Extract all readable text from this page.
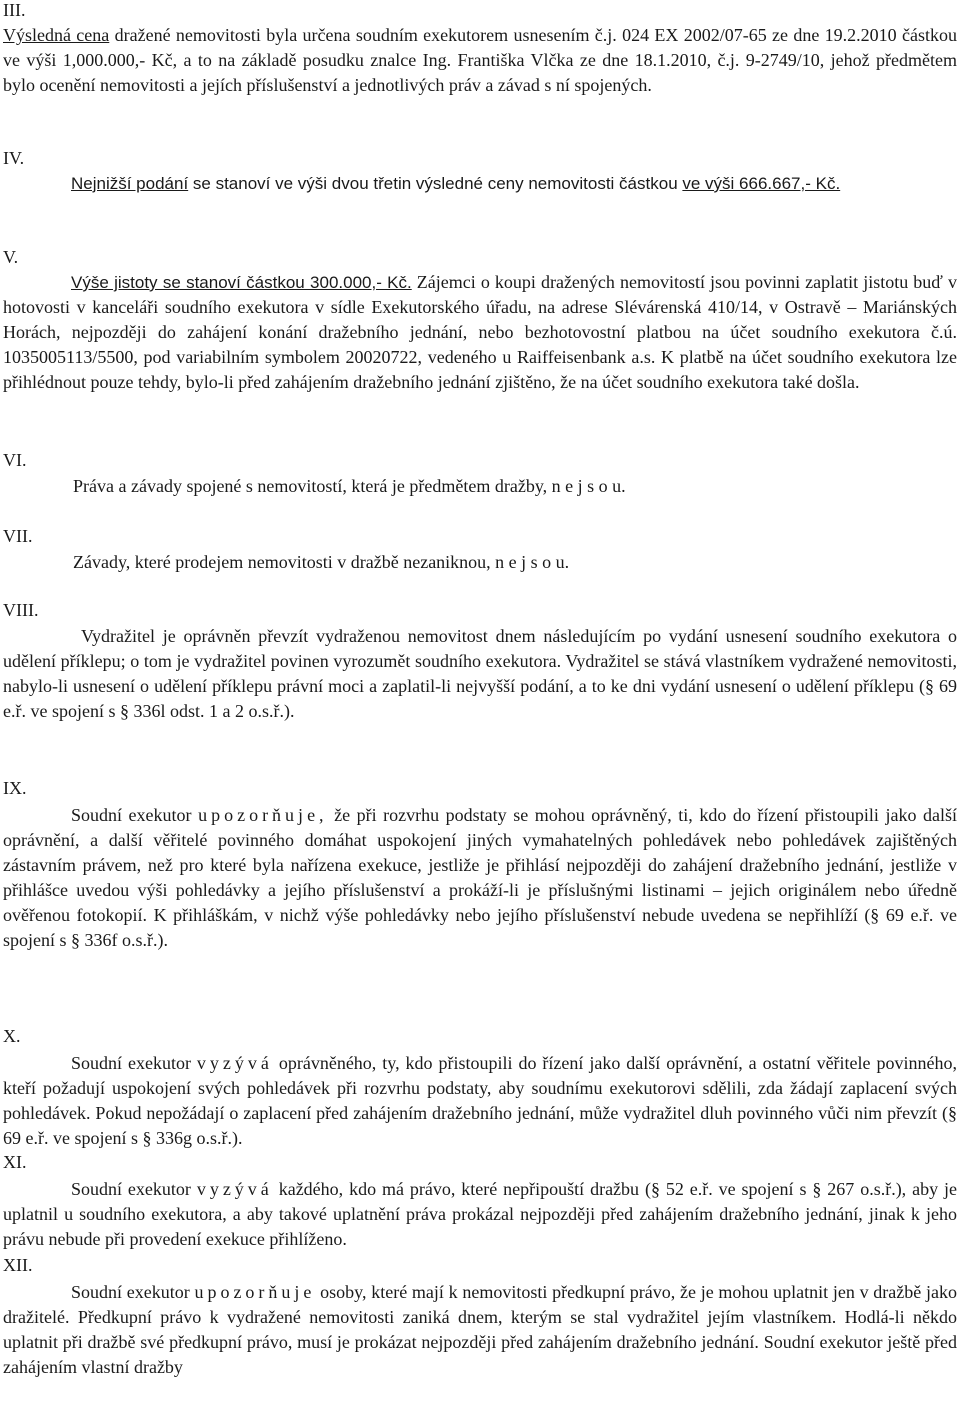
III.

Výsledná cena dražené nemovitosti byla určena soudním exekutorem usnesením č.j. 024 EX 2002/07-65 ze dne 19.2.2010 částkou ve výši 1,000.000,- Kč, a to na základě posudku znalce Ing. Františka Vlčka ze dne 18.1.2010, č.j. 9-2749/10, jehož předmětem bylo ocenění nemovitosti a jejích příslušenství a jednotlivých práv a závad s ní spojených.

IV.

Nejnižší podání se stanoví ve výši dvou třetin výsledné ceny nemovitosti částkou ve výši 666.667,- Kč.

V.

Výše jistoty se stanoví částkou 300.000,- Kč. Zájemci o koupi dražených nemovitostí jsou povinni zaplatit jistotu buď v hotovosti v kanceláři soudního exekutora v sídle Exekutorského úřadu, na adrese Slévárenská 410/14, v Ostravě – Mariánských Horách, nejpozději do zahájení konání dražebního jednání, nebo bezhotovostní platbou na účet soudního exekutora č.ú. 1035005113/5500, pod variabilním symbolem 20020722, vedeného u Raiffeisenbank a.s. K platbě na účet soudního exekutora lze přihlédnout pouze tehdy, bylo-li před zahájením dražebního jednání zjištěno, že na účet soudního exekutora také došla.

VI.
Práva a závady spojené s nemovitostí, která je předmětem dražby, n e j s o u.
VII.
Závady, které prodejem nemovitosti v dražbě nezaniknou, n e j s o u.
VIII.

Vydražitel je oprávněn převzít vydraženou nemovitost dnem následujícím po vydání usnesení soudního exekutora o udělení příklepu; o tom je vydražitel povinen vyrozumět soudního exekutora. Vydražitel se stává vlastníkem vydražené nemovitosti, nabylo-li usnesení o udělení příklepu právní moci a zaplatil-li nejvyšší podání, a to ke dni vydání usnesení o udělení příklepu (§ 69 e.ř. ve spojení s § 336l odst. 1 a 2 o.s.ř.).

IX.

Soudní exekutor upozorňuje, že při rozvrhu podstaty se mohou oprávněný, ti, kdo do řízení přistoupili jako další oprávnění, a další věřitelé povinného domáhat uspokojení jiných vymahatelných pohledávek nebo pohledávek zajištěných zástavním právem, než pro které byla nařízena exekuce, jestliže je přihlásí nejpozději do zahájení dražebního jednání, jestliže v přihlášce uvedou výši pohledávky a jejího příslušenství a prokáží-li je příslušnými listinami – jejich originálem nebo úředně ověřenou fotokopií. K přihláškám, v nichž výše pohledávky nebo jejího příslušenství nebude uvedena se nepřihlíží (§ 69 e.ř. ve spojení s § 336f o.s.ř.).

X.

Soudní exekutor vyzývá oprávněného, ty, kdo přistoupili do řízení jako další oprávnění, a ostatní věřitele povinného, kteří požadují uspokojení svých pohledávek při rozvrhu podstaty, aby soudnímu exekutorovi sdělili, zda žádají zaplacení svých pohledávek. Pokud nepožádají o zaplacení před zahájením dražebního jednání, může vydražitel dluh povinného vůči nim převzít (§ 69 e.ř. ve spojení s § 336g o.s.ř.).

XI.

Soudní exekutor vyzývá každého, kdo má právo, které nepřipouští dražbu (§ 52 e.ř. ve spojení s § 267 o.s.ř.), aby je uplatnil u soudního exekutora, a aby takové uplatnění práva prokázal nejpozději před zahájením dražebního jednání, jinak k jeho právu nebude při provedení exekuce přihlíženo.

XII.

Soudní exekutor upozorňuje osoby, které mají k nemovitosti předkupní právo, že je mohou uplatnit jen v dražbě jako dražitelé. Předkupní právo k vydražené nemovitosti zaniká dnem, kterým se stal vydražitel jejím vlastníkem. Hodlá-li někdo uplatnit při dražbě své předkupní právo, musí je prokázat nejpozději před zahájením dražebního jednání. Soudní exekutor ještě před zahájením vlastní dražby
